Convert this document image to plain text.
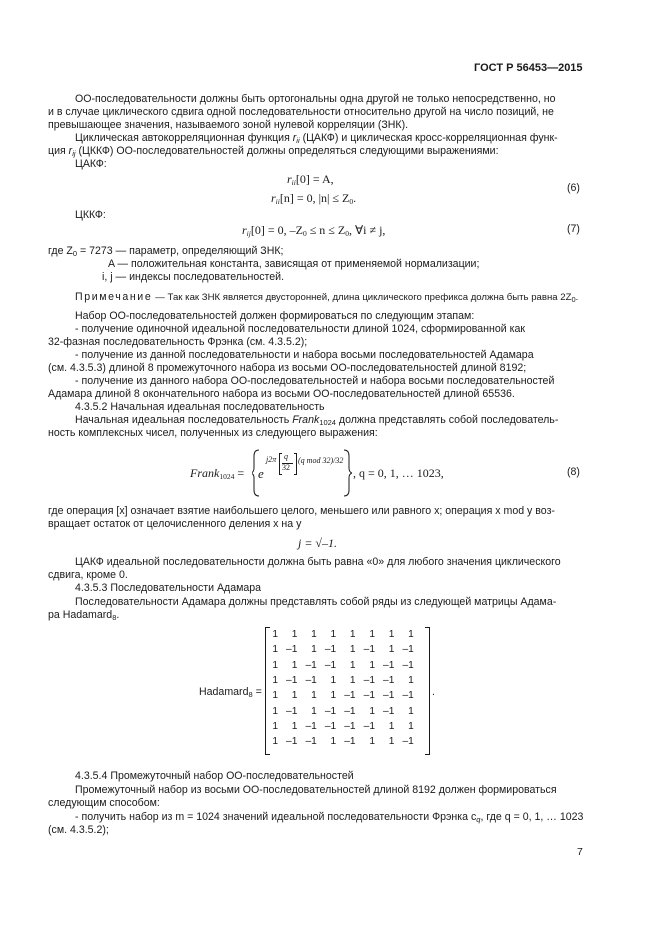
ГОСТ Р 56453—2015
ОО-последовательности должны быть ортогональны одна другой не только непосредственно, но
и в случае циклического сдвига одной последовательности относительно другой на число позиций, не
превышающее значения, называемого зоной нулевой корреляции (ЗНК).
Циклическая автокорреляционная функция $r_{ii}$ (ЦАКФ) и циклическая кросс-корреляционная функ-
ция $r_{ij}$ (ЦККФ) ОО-последовательностей должны определяться следующими выражениями:
ЦАКФ:
$r_{ii}[0] = A$,
$r_{ii}[n] = 0$, $|n| \le Z_0$.
(6)
ЦККФ:
$r_{ij}[0] = 0$, $-Z_0 \le n \le Z_0$, ∀i ≠ j,	(7)
где $Z_0 = 7273$ — параметр, определяющий ЗНК;
A — положительная константа, зависящая от применяемой нормализации;
i, j — индексы последовательностей.
Примечание — Так как ЗНК является двусторонней, длина циклического префикса должна быть равна $2Z_0$.
Набор ОО-последовательностей должен формироваться по следующим этапам:
- получение одиночной идеальной последовательности длиной 1024, сформированной как
32-фазная последовательность Фрэнка (см. 4.3.5.2);
- получение из данной последовательности и набора восьми последовательностей Адамара
(см. 4.3.5.3) длиной 8 промежуточного набора из восьми ОО-последовательностей длиной 8192;
- получение из данного набора ОО-последовательностей и набора восьми последовательностей
Адамара длиной 8 окончательного набора из восьми ОО-последовательностей длиной 65536.
4.3.5.2 Начальная идеальная последовательность
Начальная идеальная последовательность Frank$_{1024}$ должна представлять собой последователь-
ность комплексных чисел, полученных из следующего выражения:
Frank$_{1024}$ = e
j2π q
32
(q mod 32)/32
, q = 0, 1, … 1023,	(8)
где операция [x] означает взятие наибольшего целого, меньшего или равного x; операция x mod y воз-
вращает остаток от целочисленного деления x на y
j = √–1.
ЦАКФ идеальной последовательности должна быть равна «0» для любого значения циклического
сдвига, кроме 0.
4.3.5.3 Последовательности Адамара
Последовательности Адамара должны представлять собой ряды из следующей матрицы Адама-
ра Hadamard$_8$.
Hadamard$_8$ =
1	1	1	1	1	1	1	1
1 –1	1 –1	1 –1	1 –1
1	1 –1 –1	1	1 –1 –1
1 –1 –1	1	1 –1 –1	1
1	1	1	1 –1 –1 –1 –1
1 –1	1 –1 –1	1 –1	1
1	1 –1 –1 –1 –1	1	1
1 –1 –1	1 –1	1	1 –1
.
4.3.5.4 Промежуточный набор ОО-последовательностей
Промежуточный набор из восьми ОО-последовательностей длиной 8192 должен формироваться
следующим способом:
- получить набор из m = 1024 значений идеальной последовательности Фрэнка $c_q$, где q = 0, 1, … 1023
(см. 4.3.5.2);
7
